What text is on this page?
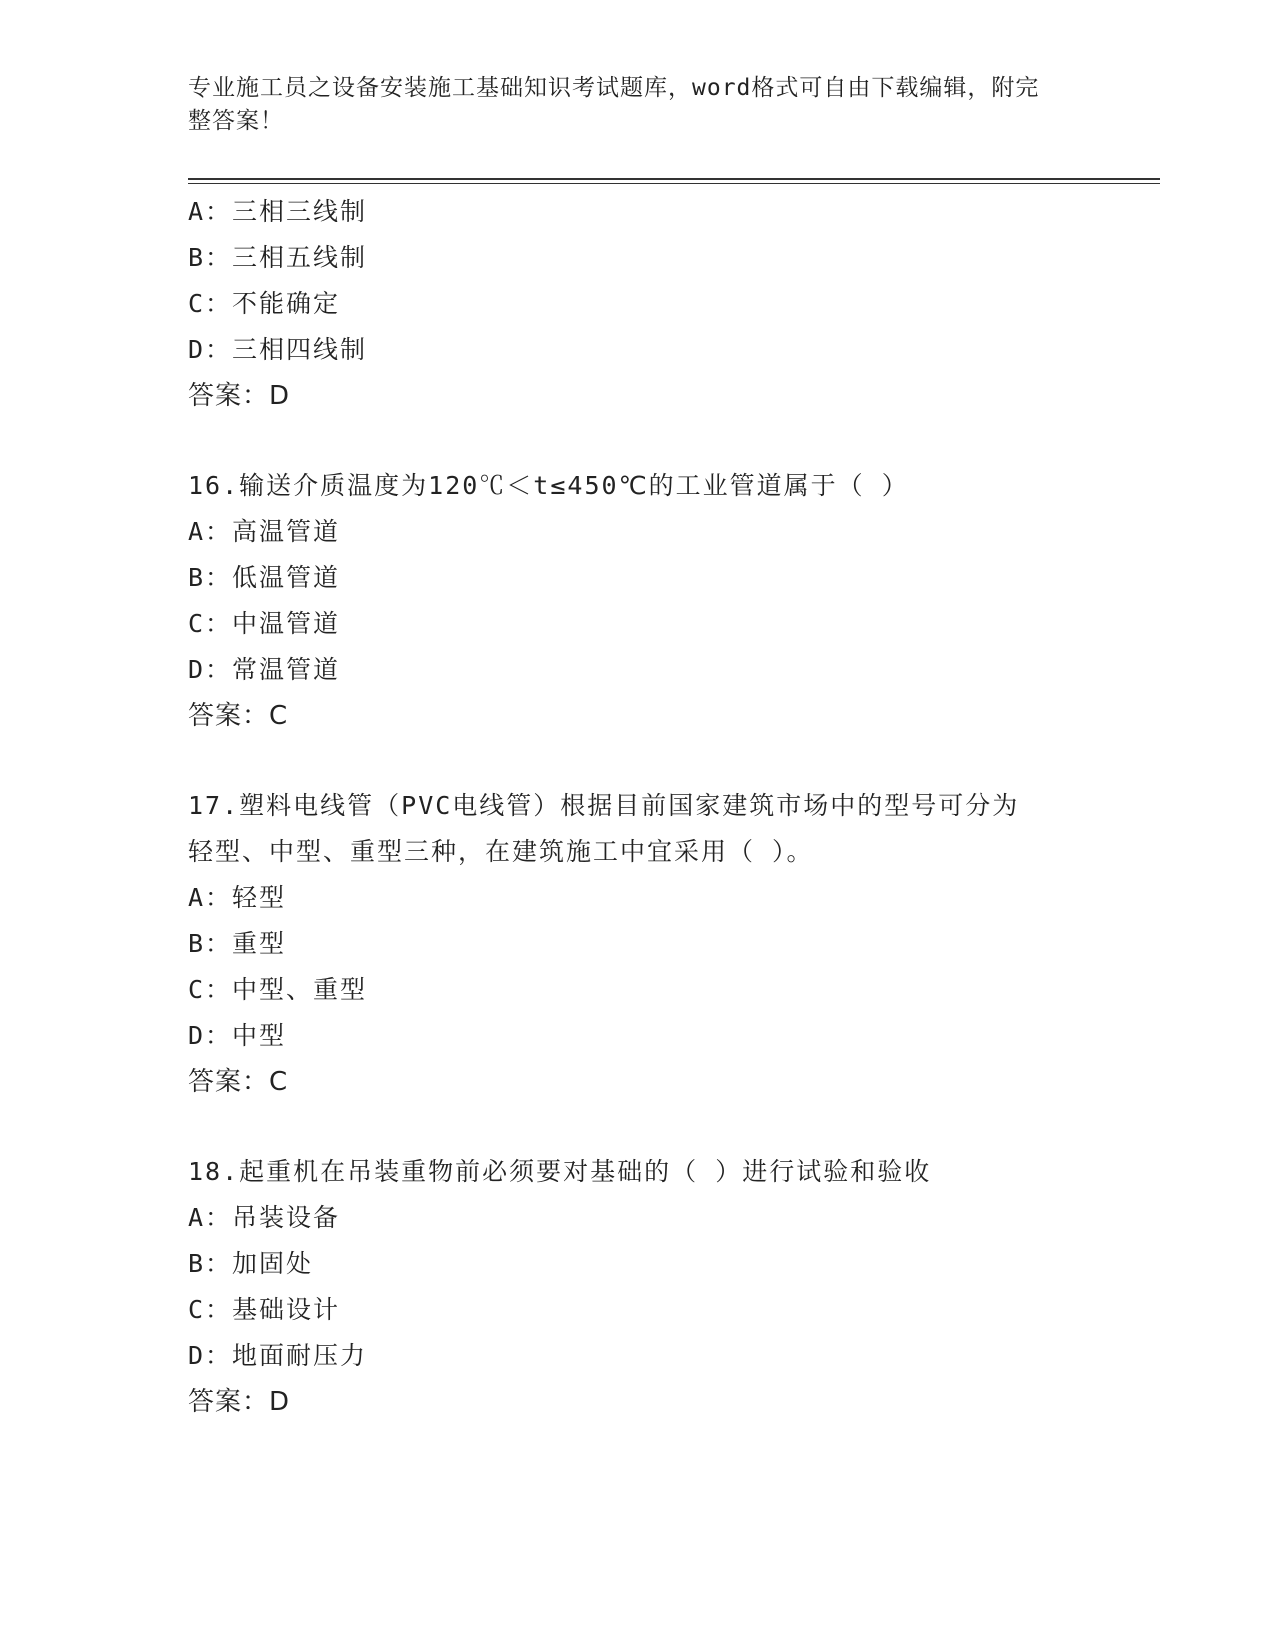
专业施工员之设备安装施工基础知识考试题库，word格式可自由下载编辑，附完
整答案！
A：三相三线制
B：三相五线制
C：不能确定
D：三相四线制
答案：D
16.输送介质温度为120℃＜t≤450℃的工业管道属于（ ）
A：高温管道
B：低温管道
C：中温管道
D：常温管道
答案：C
17.塑料电线管（PVC电线管）根据目前国家建筑市场中的型号可分为
轻型、中型、重型三种，在建筑施工中宜采用（ ）。
A：轻型
B：重型
C：中型、重型
D：中型
答案：C
18.起重机在吊装重物前必须要对基础的（ ）进行试验和验收
A：吊装设备
B：加固处
C：基础设计
D：地面耐压力
答案：D
